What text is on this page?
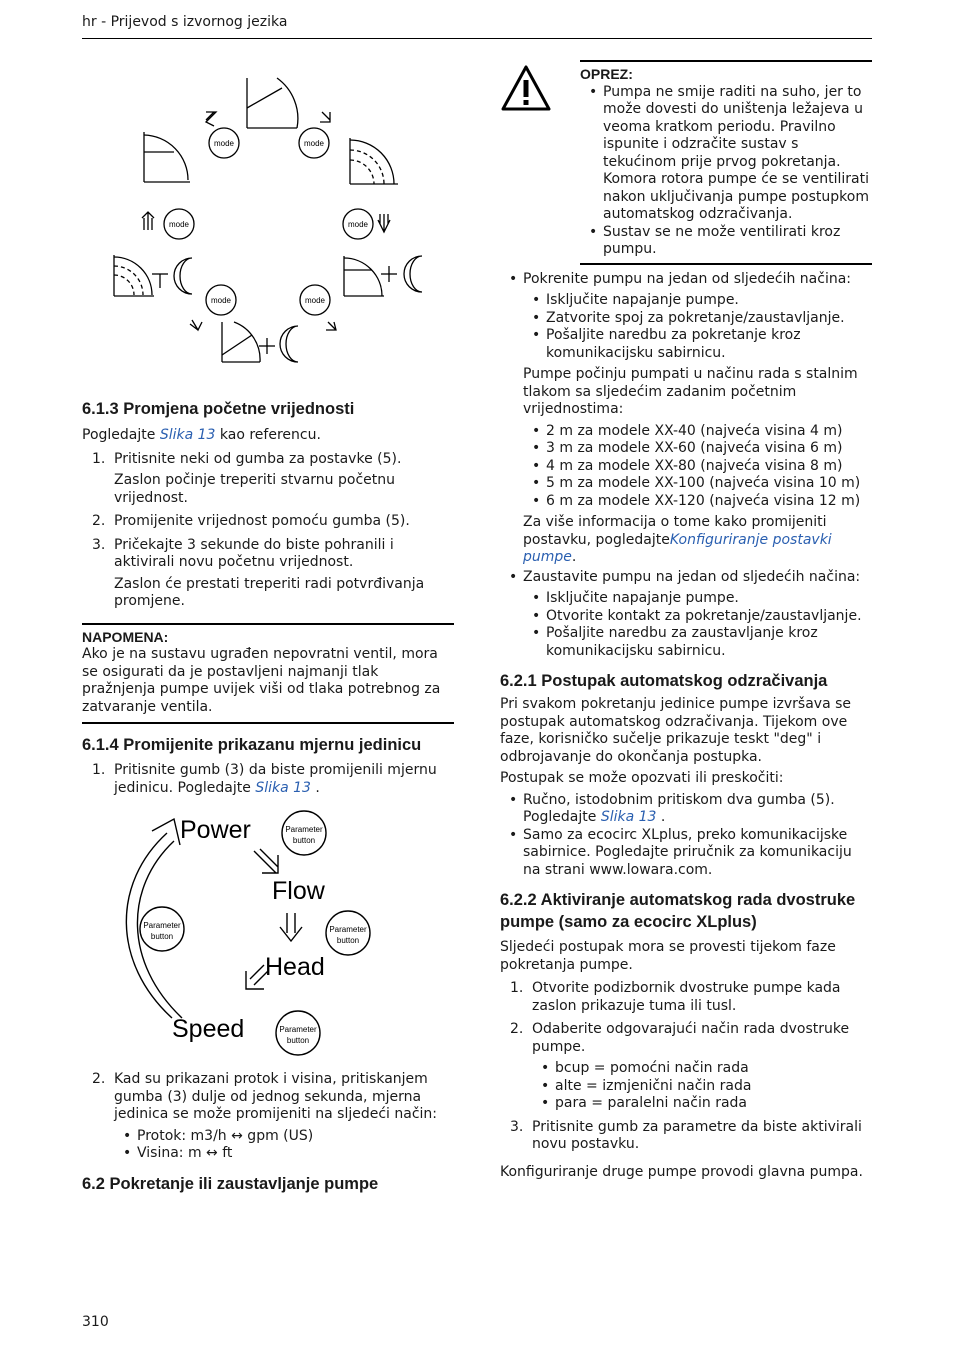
hr - Prijevod s izvornog jezika
mode	mode
mode	mode
mode	mode
6.1.3 Promjena početne vrijednosti

Pogledajte Slika 13 kao referencu.

1. Pritisnite neki od gumba za postavke (5).

Zaslon počinje treperiti stvarnu početnu vrijednost.

2. Promijenite vrijednost pomoću gumba (5).
3. Pričekajte 3 sekunde do biste pohranili i aktivirali novu početnu vrijednost.

Zaslon će prestati treperiti radi potvrđivanja promjene.

NAPOMENA:

Ako je na sustavu ugrađen nepovratni ventil, mora se osigurati da je postavljeni najmanji tlak pražnjenja pumpe uvijek viši od tlaka potrebnog za zatvaranje ventila.

6.1.4 Promijenite prikazanu mjernu jedinicu
1. Pritisnite gumb (3) da biste promijenili mjernu jedinicu. Pogledajte Slika 13 .
Power
Flow
Head
Speed
Parameter
button
Parameter
button
Parameter
button
Parameter
button
2. Kad su prikazani protok i visina, pritiskanjem gumba (3) dulje od jednog sekunda, mjerna jedinica se može promijeniti na sljedeći način:
• Protok: m3/h ↔ gpm (US)
• Visina: m ↔ ft
6.2 Pokretanje ili zaustavljanje pumpe
OPREZ:
• Pumpa ne smije raditi na suho, jer to može dovesti do uništenja ležajeva u veoma kratkom periodu. Pravilno ispunite i odzračite sustav s tekućinom prije prvog pokretanja. Komora rotora pumpe će se ventilirati nakon uključivanja pumpe postupkom automatskog odzračivanja.
• Sustav se ne može ventilirati kroz pumpu.
• Pokrenite pumpu na jedan od sljedećih načina:
• Isključite napajanje pumpe.
• Zatvorite spoj za pokretanje/zaustavljanje.
• Pošaljite naredbu za pokretanje kroz komunikacijsku sabirnicu.

Pumpe počinju pumpati u načinu rada s stalnim tlakom sa sljedećim zadanim početnim vrijednostima:

• 2 m za modele XX-40 (najveća visina 4 m)
• 3 m za modele XX-60 (najveća visina 6 m)
• 4 m za modele XX-80 (najveća visina 8 m)
• 5 m za modele XX-100 (najveća visina 10 m)
• 6 m za modele XX-120 (najveća visina 12 m)

Za više informacija o tome kako promijeniti postavku, pogledajteKonfiguriranje postavki pumpe.

• Zaustavite pumpu na jedan od sljedećih načina:
• Isključite napajanje pumpe.
• Otvorite kontakt za pokretanje/zaustavljanje.
• Pošaljite naredbu za zaustavljanje kroz komunikacijsku sabirnicu.
6.2.1 Postupak automatskog odzračivanja

Pri svakom pokretanju jedinice pumpe izvršava se postupak automatskog odzračivanja. Tijekom ove faze, korisničko sučelje prikazuje teskt "deg" i odbrojavanje do okončanja postupka.

Postupak se može opozvati ili preskočiti:

• Ručno, istodobnim pritiskom dva gumba (5). Pogledajte Slika 13 .
• Samo za ecocirc XLplus, preko komunikacijske sabirnice. Pogledajte priručnik za komunikaciju na strani www.lowara.com.
6.2.2 Aktiviranje automatskog rada dvostruke pumpe (samo za ecocirc XLplus)

Sljedeći postupak mora se provesti tijekom faze pokretanja pumpe.

1. Otvorite podizbornik dvostruke pumpe kada zaslon prikazuje tuma ili tusl.
2. Odaberite odgovarajući način rada dvostruke pumpe.
• bcup = pomoćni način rada
• alte = izmjenični način rada
• para = paralelni način rada
3. Pritisnite gumb za parametre da biste aktivirali novu postavku.

Konfiguriranje druge pumpe provodi glavna pumpa.

310
